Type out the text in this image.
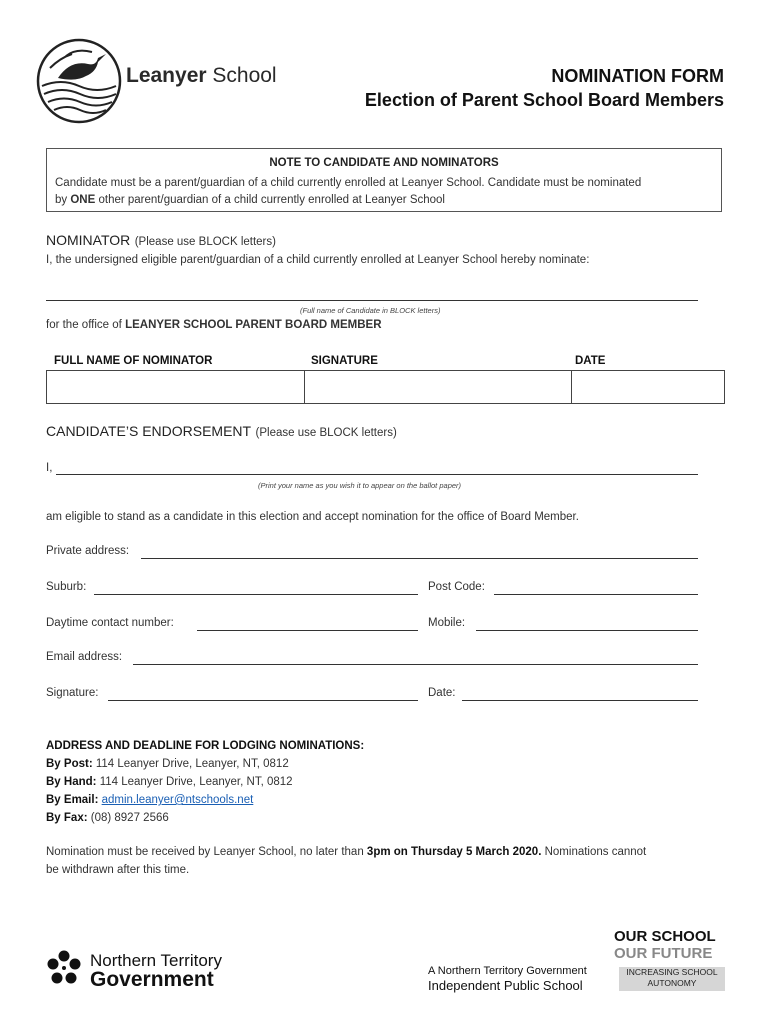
Leanyer School	NOMINATION FORM
Election of Parent School Board Members
NOTE TO CANDIDATE AND NOMINATORS
Candidate must be a parent/guardian of a child currently enrolled at Leanyer School. Candidate must be nominated
by ONE other parent/guardian of a child currently enrolled at Leanyer School
NOMINATOR (Please use BLOCK letters)
I, the undersigned eligible parent/guardian of a child currently enrolled at Leanyer School hereby nominate:
(Full name of Candidate in BLOCK letters)
for the office of LEANYER SCHOOL PARENT BOARD MEMBER
FULL NAME OF NOMINATOR	SIGNATURE	DATE

CANDIDATE’S ENDORSEMENT (Please use BLOCK letters)
I,
(Print your name as you wish it to appear on the ballot paper)
am eligible to stand as a candidate in this election and accept nomination for the office of Board Member.
Private address:
Suburb:	Post Code:
Daytime contact number:	Mobile:
Email address:
Signature:	Date:
ADDRESS AND DEADLINE FOR LODGING NOMINATIONS:
By Post: 114 Leanyer Drive, Leanyer, NT, 0812
By Hand: 114 Leanyer Drive, Leanyer, NT, 0812
By Email: admin.leanyer@ntschools.net
By Fax: (08) 8927 2566
Nomination must be received by Leanyer School, no later than 3pm on Thursday 5 March 2020. Nominations cannot
be withdrawn after this time.
Northern Territory
Government	A Northern Territory Government
Independent Public School
OUR SCHOOL
OUR FUTURE
INCREASING SCHOOL
AUTONOMY
